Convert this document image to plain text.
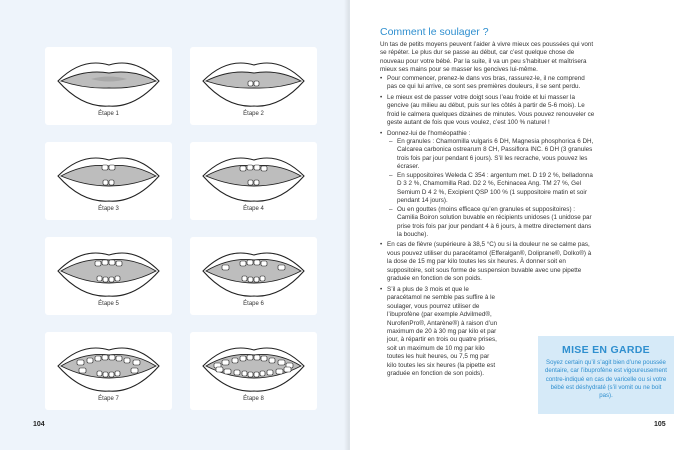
Étape 1	Étape 2
Étape 3	Étape 4
Étape 5	Étape 6
Étape 7	Étape 8
104
Comment le soulager ?

Un tas de petits moyens peuvent l’aider à vivre mieux ces poussées qui vont se répéter. Le plus dur se passe au début, car c’est quelque chose de nouveau pour votre bébé. Par la suite, il va un peu s’habituer et maîtrisera mieux ses mains pour se masser les gencives lui-même.

• Pour commencer, prenez-le dans vos bras, rassurez-le, il ne comprend pas ce qui lui arrive, ce sont ses premières douleurs, il se sent perdu.
• Le mieux est de passer votre doigt sous l’eau froide et lui masser la gencive (au milieu au début, puis sur les côtés à partir de 5-6 mois). Le froid le calmera quelques dizaines de minutes. Vous pouvez renouveler ce geste autant de fois que vous voulez, c’est 100 % naturel !
• Donnez-lui de l’homéopathie :
– En granules : Chamomilla vulgaris 6 DH, Magnesia phosphorica 6 DH, Calcarea carbonica ostrearum 8 CH, Passiflora INC. 6 DH (3 granules trois fois par jour pendant 6 jours). S’il les recrache, vous pouvez les écraser.
– En suppositoires Weleda C 354 : argentum met. D 19 2 %, belladonna D 3 2 %, Chamomilla Rad. D2 2 %, Echinacea Ang. TM 27 %, Gel Semium D 4 2 %, Excipient QSP 100 % (1 suppositoire matin et soir pendant 14 jours).
– Ou en gouttes (moins efficace qu’en granules et suppositoires) : Camilia Boiron solution buvable en récipients unidoses (1 unidose par prise trois fois par jour pendant 4 à 6 jours, à mettre directement dans la bouche).
• En cas de fièvre (supérieure à 38,5 °C) ou si la douleur ne se calme pas, vous pouvez utiliser du paracétamol (Efferalgan®, Doliprane®, Dolko®) à la dose de 15 mg par kilo toutes les six heures. À donner soit en suppositoire, soit sous forme de suspension buvable avec une pipette graduée en fonction de son poids.
• S’il a plus de 3 mois et que le paracétamol ne semble pas suffire à le soulager, vous pourrez utiliser de l’ibuprofène (par exemple Advilmed®, NurofenPro®, Antarène®) à raison d’un maximum de 20 à 30 mg par kilo et par jour, à répartir en trois ou quatre prises, soit un maximum de 10 mg par kilo toutes les huit heures, ou 7,5 mg par kilo toutes les six heures (la pipette est graduée en fonction de son poids).
MISE EN GARDE
Soyez certain qu’il s’agit bien d’une poussée dentaire, car l’ibuprofène est vigoureusement contre-indiqué en cas de varicelle ou si votre bébé est déshydraté (s’il vomit ou ne boit pas).
105
